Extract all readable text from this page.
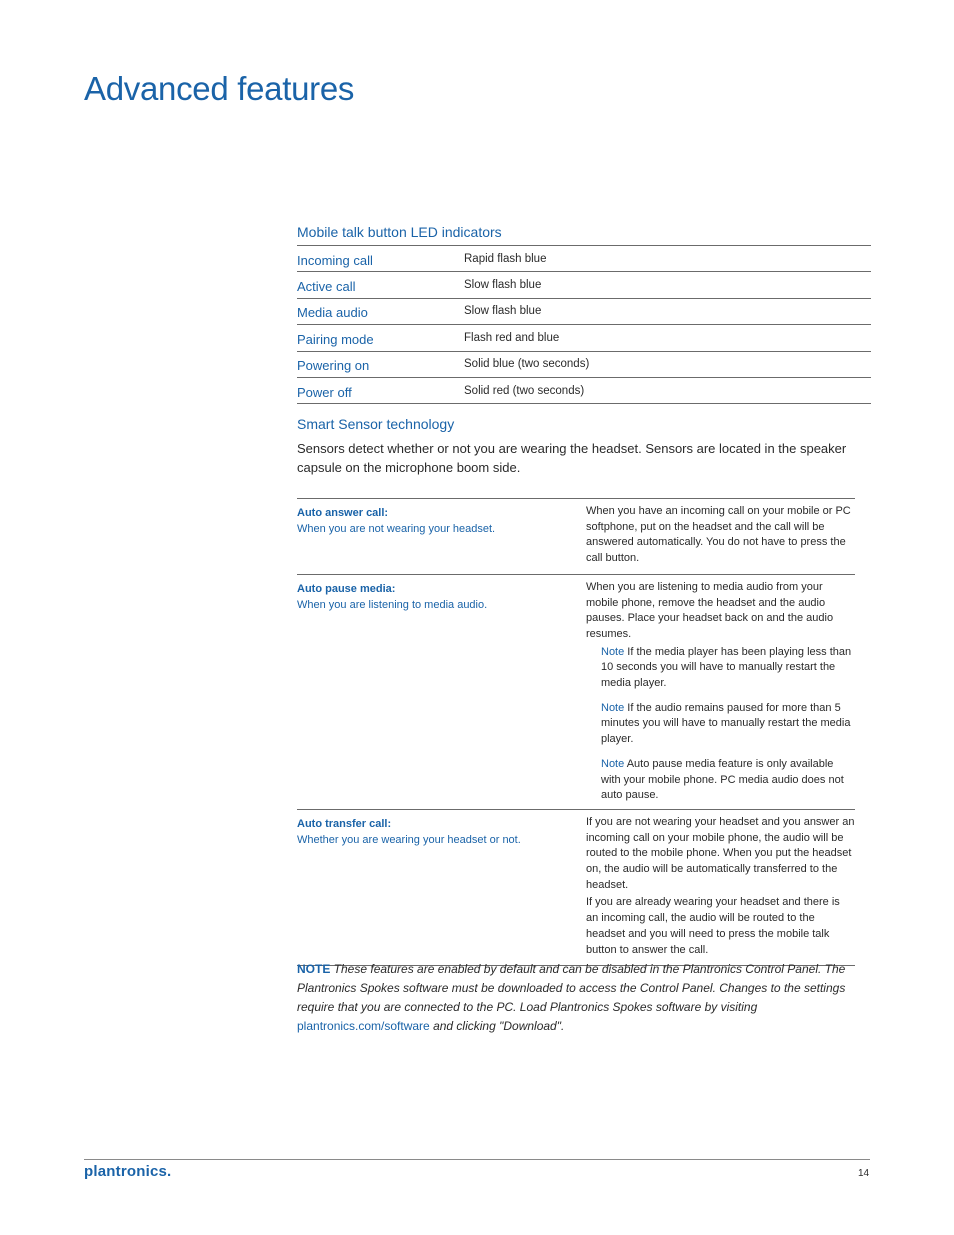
Advanced features
Mobile talk button LED indicators
Incoming call	Rapid flash blue
Active call	Slow flash blue
Media audio	Slow flash blue
Pairing mode	Flash red and blue
Powering on	Solid blue (two seconds)
Power off	Solid red (two seconds)
Smart Sensor technology
Sensors detect whether or not you are wearing the headset. Sensors are located in the speaker capsule on the microphone boom side.
Auto answer call:
When you are not wearing your headset.

When you have an incoming call on your mobile or PC softphone, put on the headset and the call will be answered automatically. You do not have to press the call button.

Auto pause media:
When you are listening to media audio.

When you are listening to media audio from your mobile phone, remove the headset and the audio pauses. Place your headset back on and the audio resumes.

Note If the media player has been playing less than 10 seconds you will have to manually restart the media player.
Note If the audio remains paused for more than 5 minutes you will have to manually restart the media player.
Note Auto pause media feature is only available with your mobile phone. PC media audio does not auto pause.
Auto transfer call:
Whether you are wearing your headset or not.

If you are not wearing your headset and you answer an incoming call on your mobile phone, the audio will be routed to the mobile phone. When you put the headset on, the audio will be automatically transferred to the headset.

If you are already wearing your headset and there is an incoming call, the audio will be routed to the headset and you will need to press the mobile talk button to answer the call.

NOTE These features are enabled by default and can be disabled in the Plantronics Control Panel. The Plantronics Spokes software must be downloaded to access the Control Panel. Changes to the settings require that you are connected to the PC. Load Plantronics Spokes software by visiting plantronics.com/software and clicking "Download".
plantronics.	14
